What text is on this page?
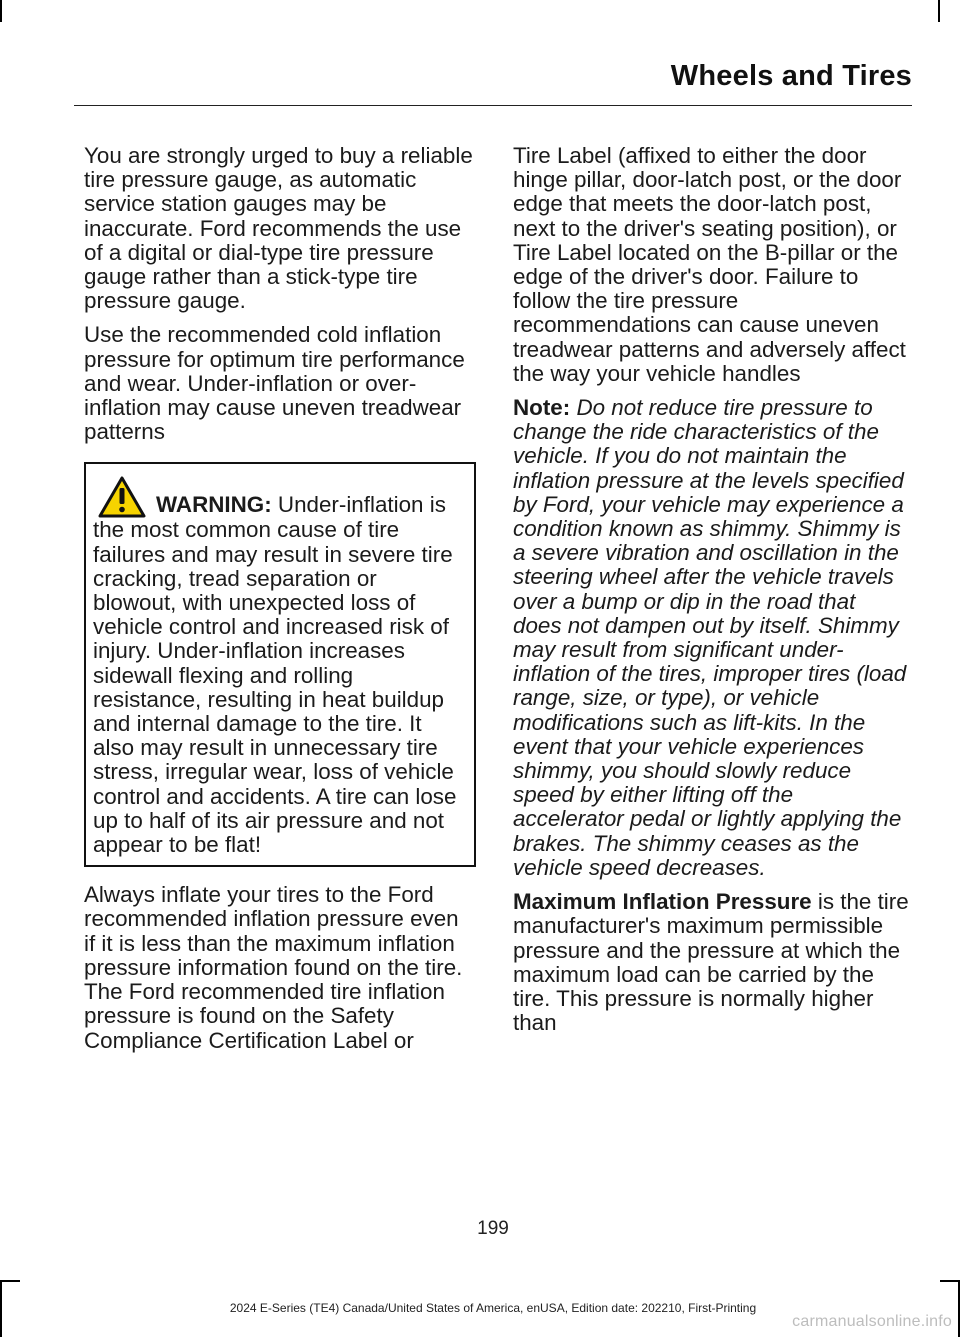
Wheels and Tires

You are strongly urged to buy a reliable tire pressure gauge, as automatic service station gauges may be inaccurate. Ford recommends the use of a digital or dial-type tire pressure gauge rather than a stick-type tire pressure gauge.

Use the recommended cold inflation pressure for optimum tire performance and wear. Under-inflation or over-inflation may cause uneven treadwear patterns

WARNING: Under-inflation is the most common cause of tire failures and may result in severe tire cracking, tread separation or blowout, with unexpected loss of vehicle control and increased risk of injury. Under-inflation increases sidewall flexing and rolling resistance, resulting in heat buildup and internal damage to the tire. It also may result in unnecessary tire stress, irregular wear, loss of vehicle control and accidents. A tire can lose up to half of its air pressure and not appear to be flat!

Always inflate your tires to the Ford recommended inflation pressure even if it is less than the maximum inflation pressure information found on the tire. The Ford recommended tire inflation pressure is found on the Safety Compliance Certification Label or

Tire Label (affixed to either the door hinge pillar, door-latch post, or the door edge that meets the door-latch post, next to the driver's seating position), or Tire Label located on the B-pillar or the edge of the driver's door. Failure to follow the tire pressure recommendations can cause uneven treadwear patterns and adversely affect the way your vehicle handles

Note: Do not reduce tire pressure to change the ride characteristics of the vehicle. If you do not maintain the inflation pressure at the levels specified by Ford, your vehicle may experience a condition known as shimmy. Shimmy is a severe vibration and oscillation in the steering wheel after the vehicle travels over a bump or dip in the road that does not dampen out by itself. Shimmy may result from significant under-inflation of the tires, improper tires (load range, size, or type), or vehicle modifications such as lift-kits. In the event that your vehicle experiences shimmy, you should slowly reduce speed by either lifting off the accelerator pedal or lightly applying the brakes. The shimmy ceases as the vehicle speed decreases.

Maximum Inflation Pressure is the tire manufacturer's maximum permissible pressure and the pressure at which the maximum load can be carried by the tire. This pressure is normally higher than

199
2024 E-Series (TE4) Canada/United States of America, enUSA, Edition date: 202210, First-Printing
carmanualsonline.info
